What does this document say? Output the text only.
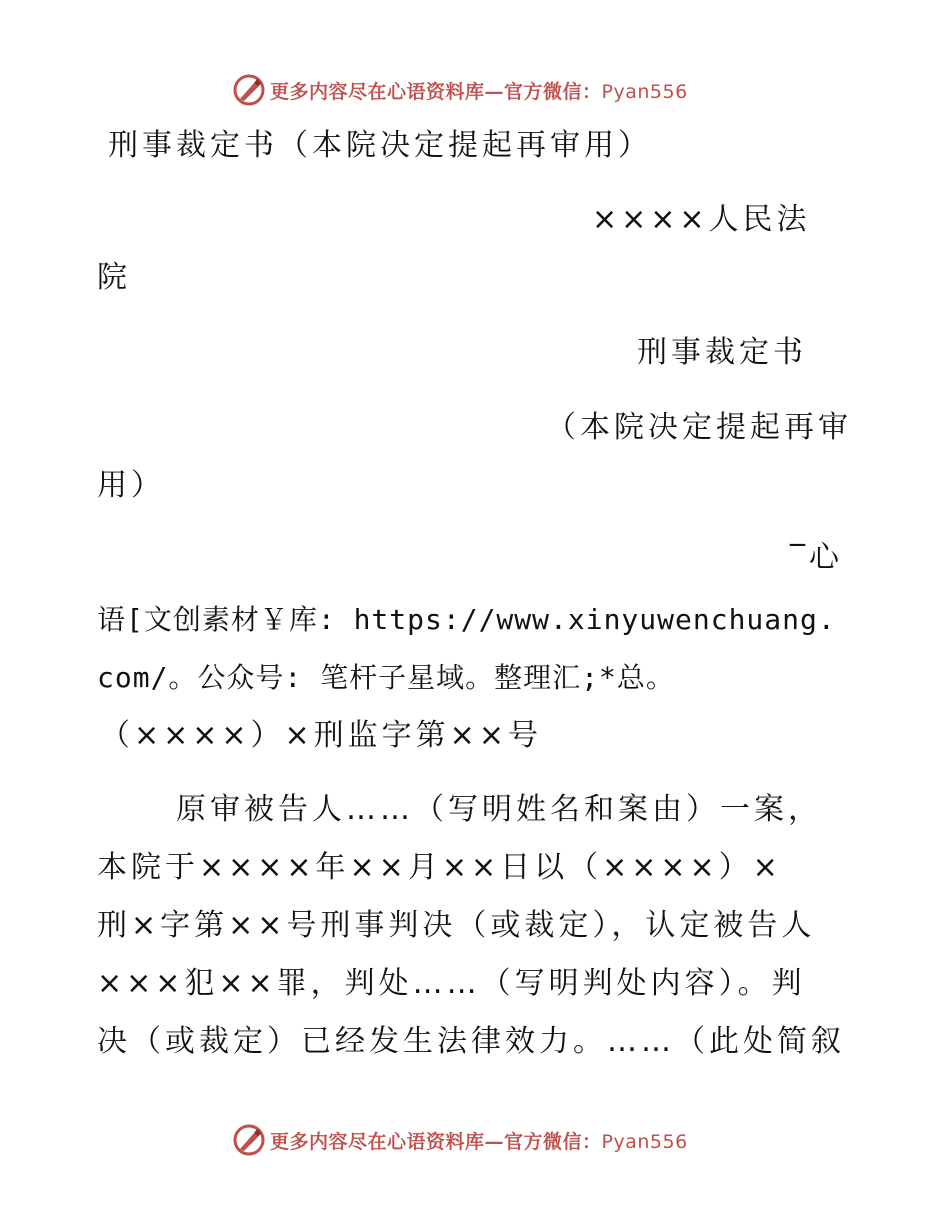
更多内容尽在心语资料库—官方微信：Pyan556
刑事裁定书（本院决定提起再审用）
××××人民法
院
刑事裁定书
（本院决定提起再审
用）
‾心
语[文创素材￥库: https://www.xinyuwenchuang.
com/。公众号: 笔杆子星域。整理汇;*总。
（××××）×刑监字第××号
原审被告人……（写明姓名和案由）一案，
本院于××××年××月××日以（××××）×
刑×字第××号刑事判决（或裁定），认定被告人
×××犯××罪，判处……（写明判处内容）。判
决（或裁定）已经发生法律效力。……（此处简叙
更多内容尽在心语资料库—官方微信：Pyan556
